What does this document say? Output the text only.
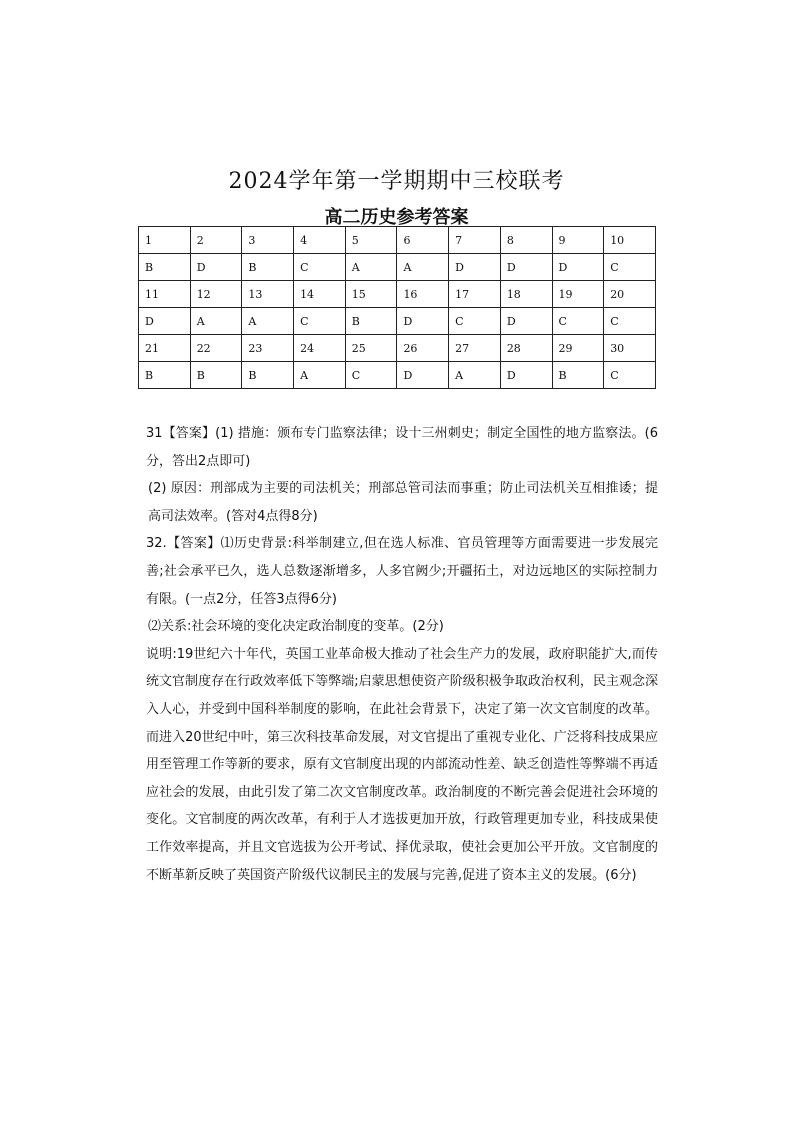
2024学年第一学期期中三校联考
高二历史参考答案
1	2	3	4	5	6	7	8	9	10
B	D	B	C	A	A	D	D	D	C
11	12	13	14	15	16	17	18	19	20
D	A	A	C	B	D	C	D	C	C
21	22	23	24	25	26	27	28	29	30
B	B	B	A	C	D	A	D	B	C

31【答案】(1) 措施：颁布专门监察法律；设十三州刺史；制定全国性的地方监察法。(6分，答出2点即可)

(2) 原因：刑部成为主要的司法机关；刑部总管司法而事重；防止司法机关互相推诿；提高司法效率。(答对4点得8分)

32.【答案】⑴历史背景:科举制建立,但在选人标准、官员管理等方面需要进一步发展完善;社会承平已久，选人总数逐渐增多，人多官阙少;开疆拓土，对边远地区的实际控制力有限。(一点2分，任答3点得6分)

⑵关系:社会环境的变化决定政治制度的变革。(2分)

说明:19世纪六十年代，英国工业革命极大推动了社会生产力的发展，政府职能扩大,而传统文官制度存在行政效率低下等弊端;启蒙思想使资产阶级积极争取政治权利，民主观念深入人心，并受到中国科举制度的影响，在此社会背景下，决定了第一次文官制度的改革。而进入20世纪中叶，第三次科技革命发展，对文官提出了重视专业化、广泛将科技成果应用至管理工作等新的要求，原有文官制度出现的内部流动性差、缺乏创造性等弊端不再适应社会的发展，由此引发了第二次文官制度改革。政治制度的不断完善会促进社会环境的变化。文官制度的两次改革，有利于人才选拔更加开放，行政管理更加专业，科技成果使工作效率提高，并且文官选拔为公开考试、择优录取，使社会更加公平开放。文官制度的不断革新反映了英国资产阶级代议制民主的发展与完善,促进了资本主义的发展。(6分)
